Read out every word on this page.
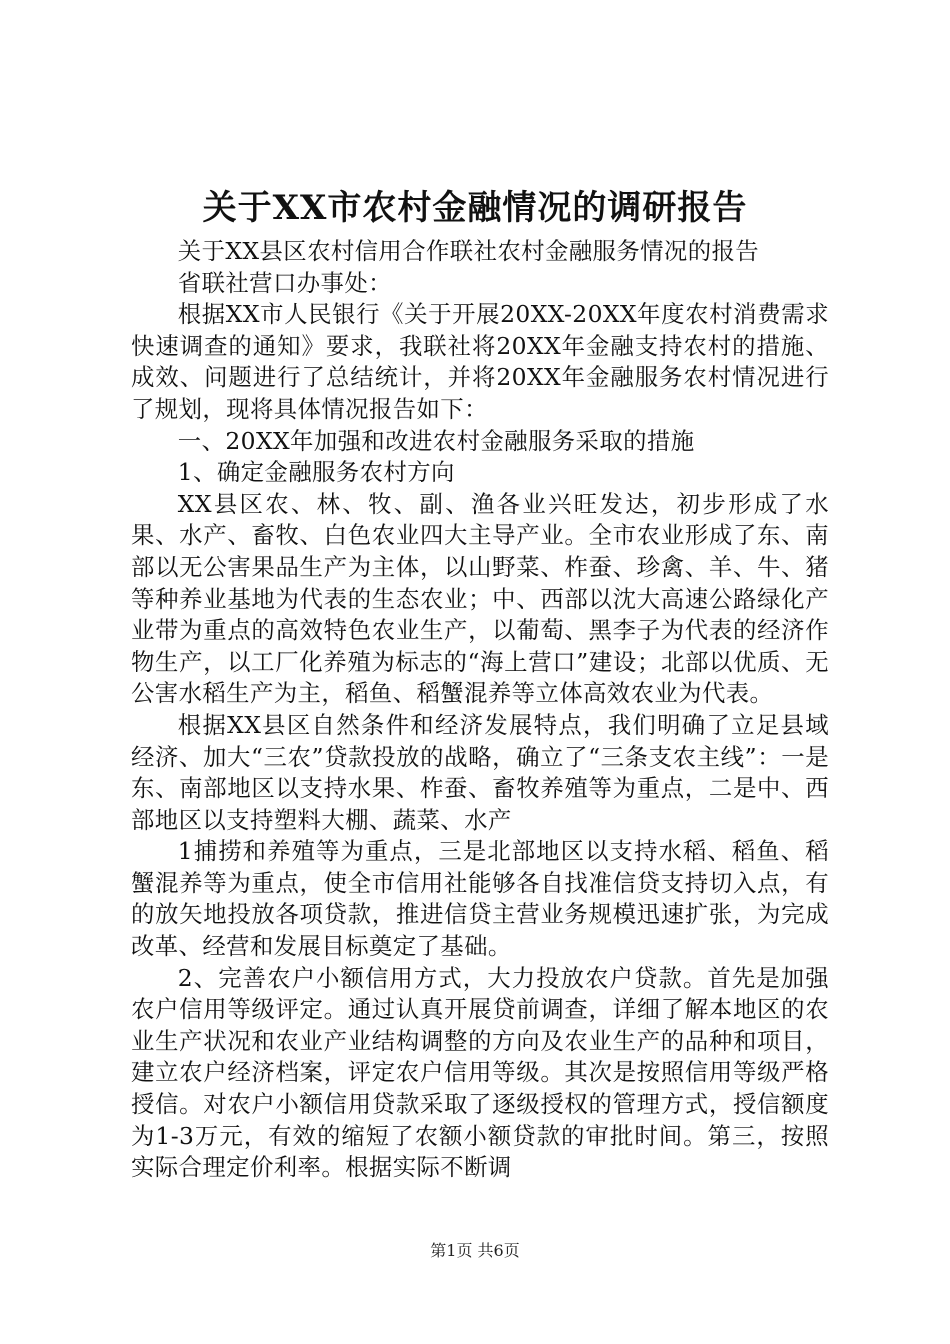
关于XX市农村金融情况的调研报告

关于XX县区农村信用合作联社农村金融服务情况的报告

省联社营口办事处：

根据XX市人民银行《关于开展20XX-20XX年度农村消费需求快速调查的通知》要求，我联社将20XX年金融支持农村的措施、成效、问题进行了总结统计，并将20XX年金融服务农村情况进行了规划，现将具体情况报告如下：

一、20XX年加强和改进农村金融服务采取的措施

1、确定金融服务农村方向

XX县区农、林、牧、副、渔各业兴旺发达，初步形成了水果、水产、畜牧、白色农业四大主导产业。全市农业形成了东、南部以无公害果品生产为主体，以山野菜、柞蚕、珍禽、羊、牛、猪等种养业基地为代表的生态农业；中、西部以沈大高速公路绿化产业带为重点的高效特色农业生产，以葡萄、黑李子为代表的经济作物生产，以工厂化养殖为标志的“海上营口”建设；北部以优质、无公害水稻生产为主，稻鱼、稻蟹混养等立体高效农业为代表。

根据XX县区自然条件和经济发展特点，我们明确了立足县域经济、加大“三农”贷款投放的战略，确立了“三条支农主线”：一是东、南部地区以支持水果、柞蚕、畜牧养殖等为重点，二是中、西部地区以支持塑料大棚、蔬菜、水产

1捕捞和养殖等为重点，三是北部地区以支持水稻、稻鱼、稻蟹混养等为重点，使全市信用社能够各自找准信贷支持切入点，有的放矢地投放各项贷款，推进信贷主营业务规模迅速扩张，为完成改革、经营和发展目标奠定了基础。

2、完善农户小额信用方式，大力投放农户贷款。首先是加强农户信用等级评定。通过认真开展贷前调查，详细了解本地区的农业生产状况和农业产业结构调整的方向及农业生产的品种和项目，建立农户经济档案，评定农户信用等级。其次是按照信用等级严格授信。对农户小额信用贷款采取了逐级授权的管理方式，授信额度为1-3万元，有效的缩短了农额小额贷款的审批时间。第三，按照实际合理定价利率。根据实际不断调

第1页 共6页
